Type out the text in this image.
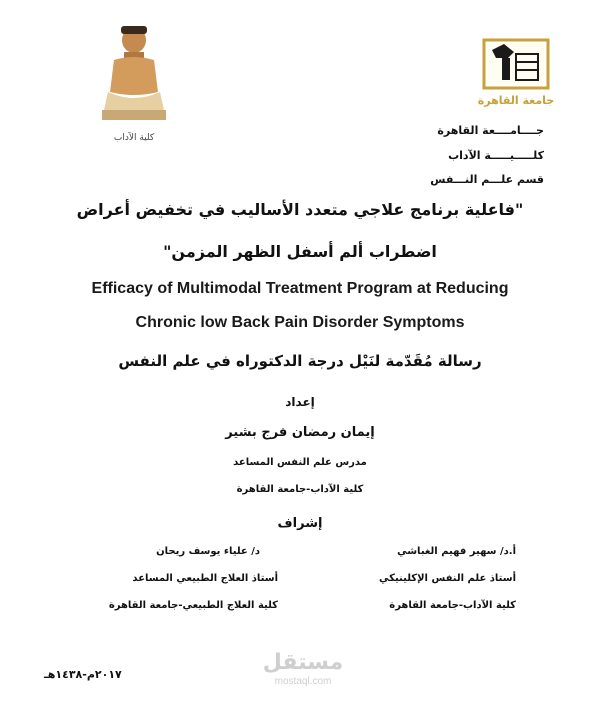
جامعة القاهرة
كلية الآداب
جــــامــــعة القاهرة
كلـــــيـــــة الآداب
قسم علـــم النـــفس
"فاعلية برنامج علاجي متعدد الأساليب في تخفيض أعراض
اضطراب ألم أسفل الظهر المزمن"
Efficacy of Multimodal Treatment Program at Reducing
Chronic low Back Pain Disorder Symptoms
رسالة مُقَدّمة لنَيْل درجة الدكتوراه في علم النفس
إعداد
إيمان رمضان فرج بشير
مدرس علم النفس المساعد
كلية الآداب-جامعة القاهرة
إشراف
أ.د/ سهير فهيم الغباشي
أستاذ علم النفس الإكلينيكي
كلية الآداب-جامعة القاهرة
د/ علياء يوسف ريحان
أستاذ العلاج الطبيعي المساعد
كلية العلاج الطبيعي-جامعة القاهرة
٢٠١٧م-١٤٣٨هـ	مستقل
mostaql.com
